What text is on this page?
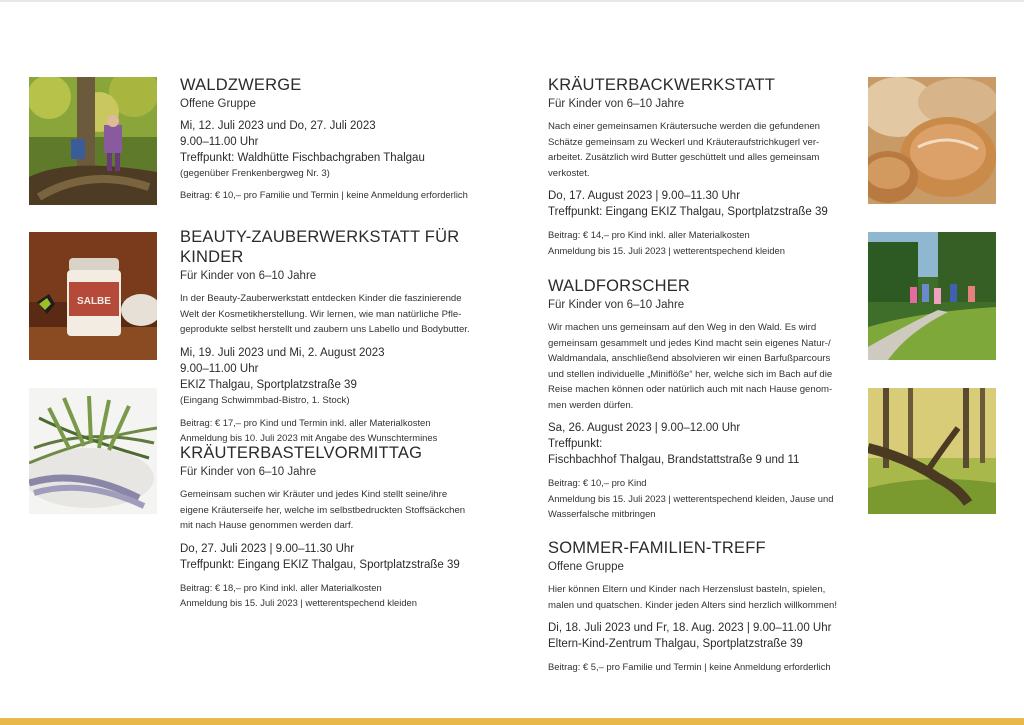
SALBE
WALDZWERGE
Offene Gruppe
Mi, 12. Juli 2023 und Do, 27. Juli 2023
9.00–11.00 Uhr
Treffpunkt: Waldhütte Fischbachgraben Thalgau
(gegenüber Frenkenbergweg Nr. 3)
Beitrag: € 10,– pro Familie und Termin | keine Anmeldung erforderlich
BEAUTY-ZAUBERWERKSTATT FÜR KINDER
Für Kinder von 6–10 Jahre
In der Beauty-Zauberwerkstatt entdecken Kinder die faszinierende
Welt der Kosmetikherstellung. Wir lernen, wie man natürliche Pfle-
geprodukte selbst herstellt und zaubern uns Labello und Bodybutter.
Mi, 19. Juli 2023 und Mi, 2. August 2023
9.00–11.00 Uhr
EKIZ Thalgau, Sportplatzstraße 39
(Eingang Schwimmbad-Bistro, 1. Stock)
Beitrag: € 17,– pro Kind und Termin inkl. aller Materialkosten
Anmeldung bis 10. Juli 2023 mit Angabe des Wunschtermines
KRÄUTERBASTELVORMITTAG
Für Kinder von 6–10 Jahre
Gemeinsam suchen wir Kräuter und jedes Kind stellt seine/ihre
eigene Kräuterseife her, welche im selbstbedruckten Stoffsäckchen
mit nach Hause genommen werden darf.
Do, 27. Juli 2023 | 9.00–11.30 Uhr
Treffpunkt: Eingang EKIZ Thalgau, Sportplatzstraße 39
Beitrag: € 18,– pro Kind inkl. aller Materialkosten
Anmeldung bis 15. Juli 2023 | wetterentspechend kleiden
KRÄUTERBACKWERKSTATT
Für Kinder von 6–10 Jahre
Nach einer gemeinsamen Kräutersuche werden die gefundenen
Schätze gemeinsam zu Weckerl und Kräuteraufstrichkugerl ver-
arbeitet. Zusätzlich wird Butter geschüttelt und alles gemeinsam
verkostet.
Do, 17. August 2023 | 9.00–11.30 Uhr
Treffpunkt: Eingang EKIZ Thalgau, Sportplatzstraße 39
Beitrag: € 14,– pro Kind inkl. aller Materialkosten
Anmeldung bis 15. Juli 2023 | wetterentspechend kleiden
WALDFORSCHER
Für Kinder von 6–10 Jahre
Wir machen uns gemeinsam auf den Weg in den Wald. Es wird
gemeinsam gesammelt und jedes Kind macht sein eigenes Natur-/
Waldmandala, anschließend absolvieren wir einen Barfußparcours
und stellen individuelle „Miniflöße“ her, welche sich im Bach auf die
Reise machen können oder natürlich auch mit nach Hause genom-
men werden dürfen.
Sa, 26. August 2023 | 9.00–12.00 Uhr
Treffpunkt:
Fischbachhof Thalgau, Brandstattstraße 9 und 11
Beitrag: € 10,– pro Kind
Anmeldung bis 15. Juli 2023 | wetterentspechend kleiden, Jause und
Wasserfalsche mitbringen
SOMMER-FAMILIEN-TREFF
Offene Gruppe
Hier können Eltern und Kinder nach Herzenslust basteln, spielen,
malen und quatschen. Kinder jeden Alters sind herzlich willkommen!
Di, 18. Juli 2023 und Fr, 18. Aug. 2023 | 9.00–11.00 Uhr
Eltern-Kind-Zentrum Thalgau, Sportplatzstraße 39
Beitrag: € 5,– pro Familie und Termin | keine Anmeldung erforderlich
